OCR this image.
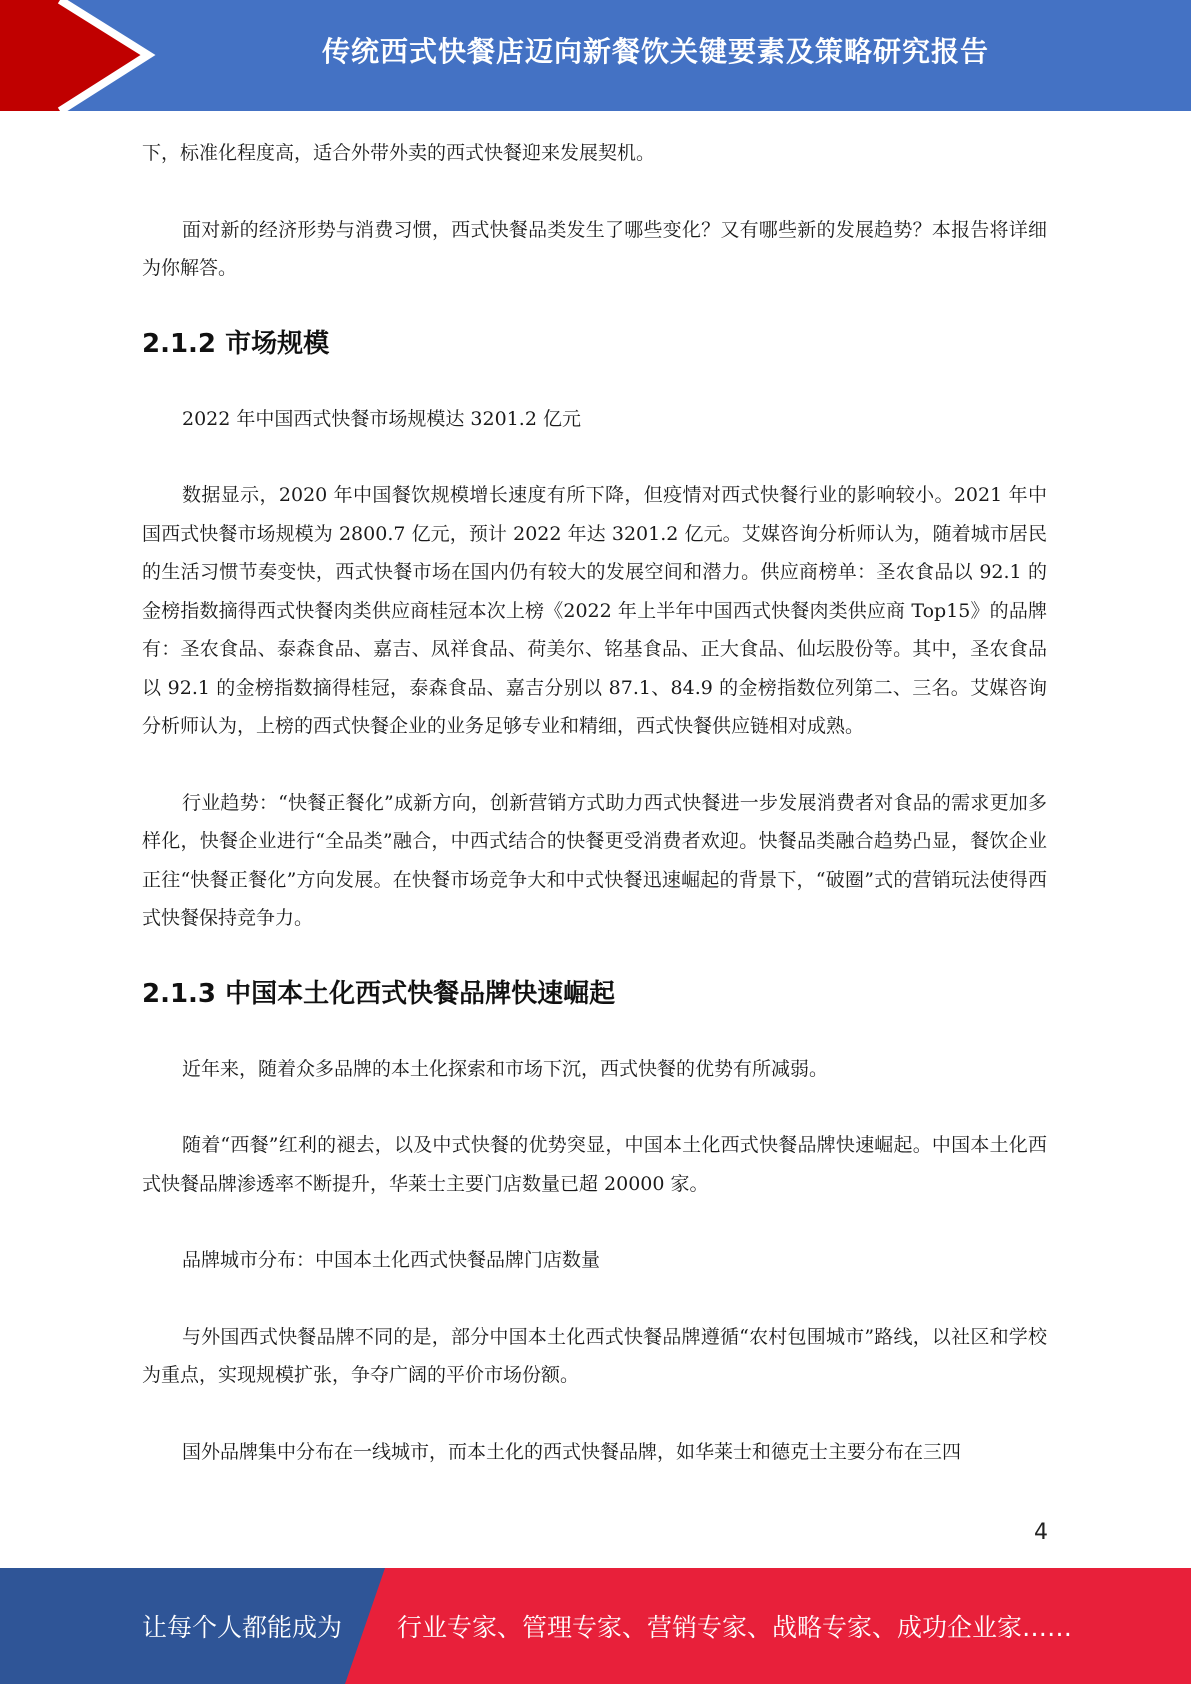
传统西式快餐店迈向新餐饮关键要素及策略研究报告

下，标准化程度高，适合外带外卖的西式快餐迎来发展契机。

面对新的经济形势与消费习惯，西式快餐品类发生了哪些变化？又有哪些新的发展趋势？本报告将详细为你解答。

2.1.2 市场规模

2022 年中国西式快餐市场规模达 3201.2 亿元

数据显示，2020 年中国餐饮规模增长速度有所下降，但疫情对西式快餐行业的影响较小。2021 年中国西式快餐市场规模为 2800.7 亿元，预计 2022 年达 3201.2 亿元。艾媒咨询分析师认为，随着城市居民的生活习惯节奏变快，西式快餐市场在国内仍有较大的发展空间和潜力。供应商榜单：圣农食品以 92.1 的金榜指数摘得西式快餐肉类供应商桂冠本次上榜《2022 年上半年中国西式快餐肉类供应商 Top15》的品牌有：圣农食品、泰森食品、嘉吉、凤祥食品、荷美尔、铭基食品、正大食品、仙坛股份等。其中，圣农食品以 92.1 的金榜指数摘得桂冠，泰森食品、嘉吉分别以 87.1、84.9 的金榜指数位列第二、三名。艾媒咨询分析师认为，上榜的西式快餐企业的业务足够专业和精细，西式快餐供应链相对成熟。

行业趋势：“快餐正餐化”成新方向，创新营销方式助力西式快餐进一步发展消费者对食品的需求更加多样化，快餐企业进行“全品类”融合，中西式结合的快餐更受消费者欢迎。快餐品类融合趋势凸显，餐饮企业正往“快餐正餐化”方向发展。在快餐市场竞争大和中式快餐迅速崛起的背景下，“破圈”式的营销玩法使得西式快餐保持竞争力。

2.1.3 中国本土化西式快餐品牌快速崛起

近年来，随着众多品牌的本土化探索和市场下沉，西式快餐的优势有所减弱。

随着“西餐”红利的褪去，以及中式快餐的优势突显，中国本土化西式快餐品牌快速崛起。中国本土化西式快餐品牌渗透率不断提升，华莱士主要门店数量已超 20000 家。

品牌城市分布：中国本土化西式快餐品牌门店数量

与外国西式快餐品牌不同的是，部分中国本土化西式快餐品牌遵循“农村包围城市”路线，以社区和学校为重点，实现规模扩张，争夺广阔的平价市场份额。

国外品牌集中分布在一线城市，而本土化的西式快餐品牌，如华莱士和德克士主要分布在三四

4
让每个人都能成为 行业专家、管理专家、营销专家、战略专家、成功企业家……
